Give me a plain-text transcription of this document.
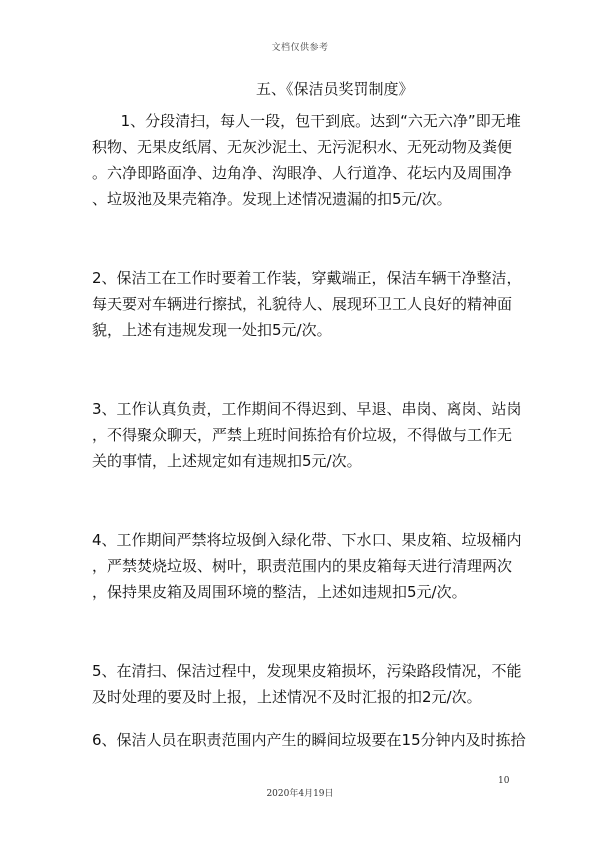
文档仅供参考
五、《保洁员奖罚制度》
1、分段清扫，每人一段，包干到底。达到“六无六净”即无堆
积物、无果皮纸屑、无灰沙泥土、无污泥积水、无死动物及粪便
。六净即路面净、边角净、沟眼净、人行道净、花坛内及周围净
、垃圾池及果壳箱净。发现上述情况遗漏的扣5元/次。
2、保洁工在工作时要着工作装，穿戴端正，保洁车辆干净整洁，
每天要对车辆进行擦拭，礼貌待人、展现环卫工人良好的精神面
貌，上述有违规发现一处扣5元/次。
3、工作认真负责，工作期间不得迟到、早退、串岗、离岗、站岗
，不得聚众聊天，严禁上班时间拣拾有价垃圾，不得做与工作无
关的事情，上述规定如有违规扣5元/次。
4、工作期间严禁将垃圾倒入绿化带、下水口、果皮箱、垃圾桶内
，严禁焚烧垃圾、树叶，职责范围内的果皮箱每天进行清理两次
，保持果皮箱及周围环境的整洁，上述如违规扣5元/次。
5、在清扫、保洁过程中，发现果皮箱损坏，污染路段情况，不能
及时处理的要及时上报，上述情况不及时汇报的扣2元/次。
6、保洁人员在职责范围内产生的瞬间垃圾要在15分钟内及时拣拾
10
2020年4月19日
